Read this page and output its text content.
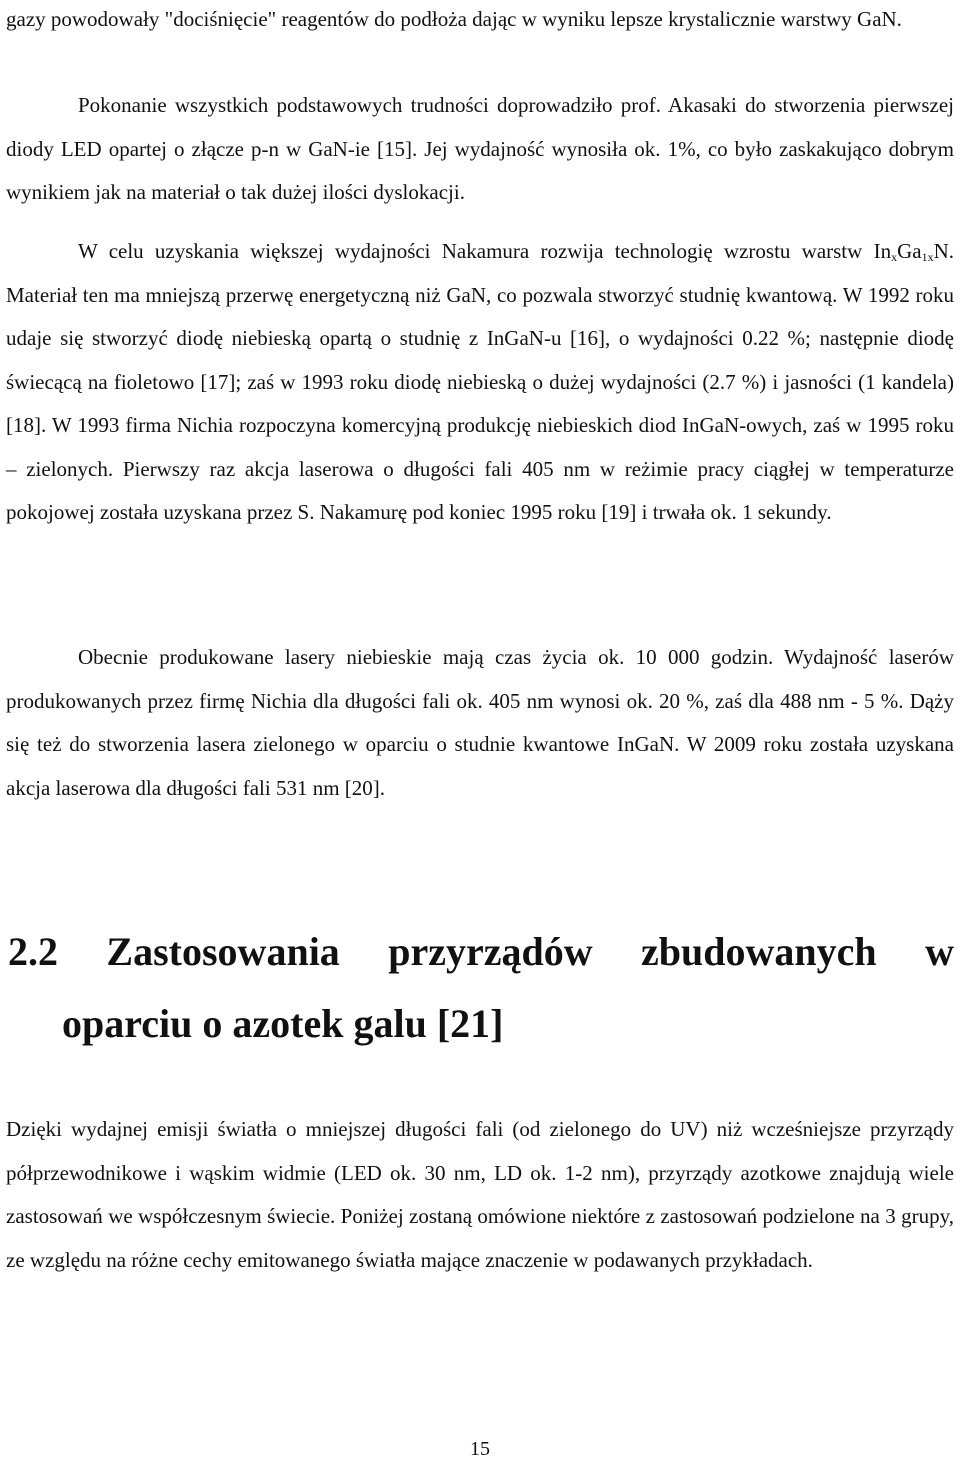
gazy powodowały "dociśnięcie" reagentów do podłoża dając w wyniku lepsze krystalicznie warstwy GaN.

Pokonanie wszystkich podstawowych trudności doprowadziło prof. Akasaki do stworzenia pierwszej diody LED opartej o złącze p-n w GaN-ie [15]. Jej wydajność wynosiła ok. 1%, co było zaskakująco dobrym wynikiem jak na materiał o tak dużej ilości dyslokacji.

W celu uzyskania większej wydajności Nakamura rozwija technologię wzrostu warstw $In_xGa_{1x}N$. Materiał ten ma mniejszą przerwę energetyczną niż GaN, co pozwala stworzyć studnię kwantową. W 1992 roku udaje się stworzyć diodę niebieską opartą o studnię z InGaN-u [16], o wydajności 0.22 %; następnie diodę świecącą na fioletowo [17]; zaś w 1993 roku diodę niebieską o dużej wydajności (2.7 %) i jasności (1 kandela) [18]. W 1993 firma Nichia rozpoczyna komercyjną produkcję niebieskich diod InGaN-owych, zaś w 1995 roku – zielonych. Pierwszy raz akcja laserowa o długości fali 405 nm w reżimie pracy ciągłej w temperaturze pokojowej została uzyskana przez S. Nakamurę pod koniec 1995 roku [19] i trwała ok. 1 sekundy.

Obecnie produkowane lasery niebieskie mają czas życia ok. 10 000 godzin. Wydajność laserów produkowanych przez firmę Nichia dla długości fali ok. 405 nm wynosi ok. 20 %, zaś dla 488 nm - 5 %. Dąży się też do stworzenia lasera zielonego w oparciu o studnie kwantowe InGaN. W 2009 roku została uzyskana akcja laserowa dla długości fali 531 nm [20].

2.2 Zastosowania przyrządów zbudowanych w
oparciu o azotek galu [21]

Dzięki wydajnej emisji światła o mniejszej długości fali (od zielonego do UV) niż wcześniejsze przyrządy półprzewodnikowe i wąskim widmie (LED ok. 30 nm, LD ok. 1-2 nm), przyrządy azotkowe znajdują wiele zastosowań we współczesnym świecie. Poniżej zostaną omówione niektóre z zastosowań podzielone na 3 grupy, ze względu na różne cechy emitowanego światła mające znaczenie w podawanych przykładach.

15
